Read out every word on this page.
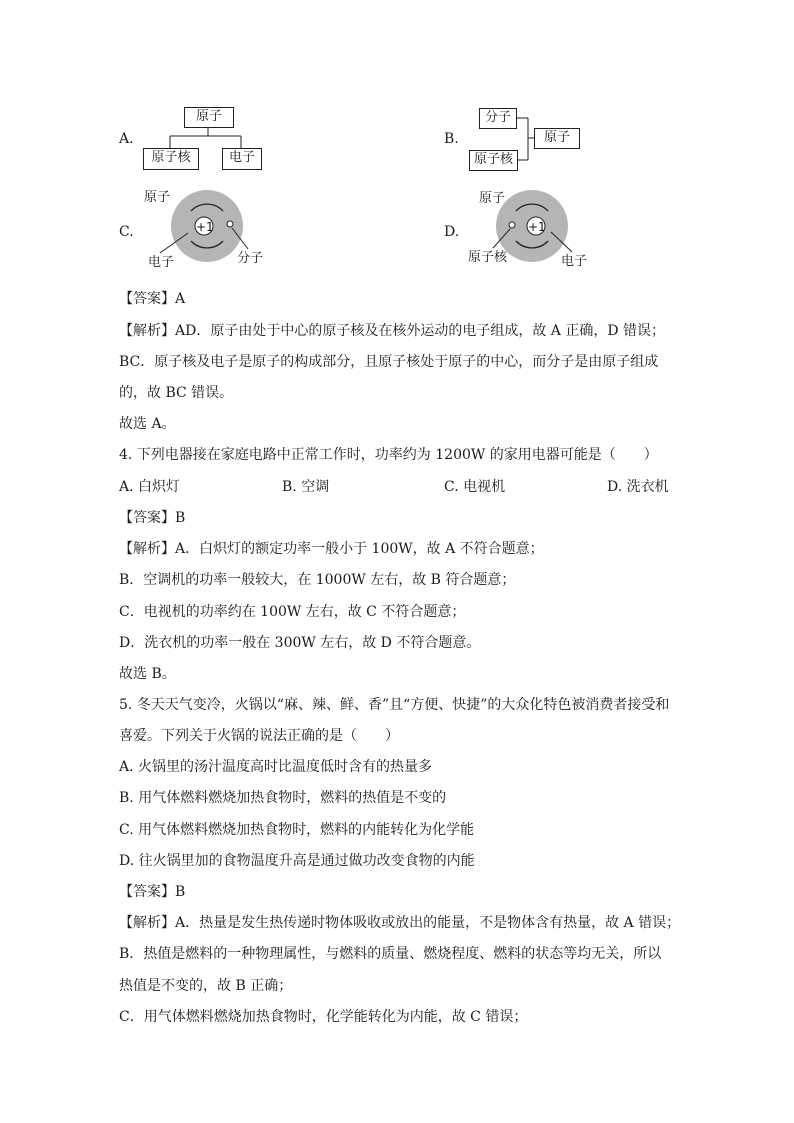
A.
原子
原子核	电子
B.
分子
原子核
原子
C.
原子
+1
电子	分子
D.
原子
+1
原子核	电子
【答案】A
【解析】AD．原子由处于中心的原子核及在核外运动的电子组成，故 A 正确，D 错误；
BC．原子核及电子是原子的构成部分，且原子核处于原子的中心，而分子是由原子组成
的，故 BC 错误。
故选 A。
4. 下列电器接在家庭电路中正常工作时，功率约为 1200W 的家用电器可能是（　　）
A. 白炽灯	B. 空调	C. 电视机	D. 洗衣机
【答案】B
【解析】A．白炽灯的额定功率一般小于 100W，故 A 不符合题意；
B．空调机的功率一般较大，在 1000W 左右，故 B 符合题意；
C．电视机的功率约在 100W 左右，故 C 不符合题意；
D．洗衣机的功率一般在 300W 左右，故 D 不符合题意。
故选 B。
5. 冬天天气变冷，火锅以“麻、辣、鲜、香”且“方便、快捷”的大众化特色被消费者接受和
喜爱。下列关于火锅的说法正确的是（　　）
A. 火锅里的汤汁温度高时比温度低时含有的热量多
B. 用气体燃料燃烧加热食物时，燃料的热值是不变的
C. 用气体燃料燃烧加热食物时，燃料的内能转化为化学能
D. 往火锅里加的食物温度升高是通过做功改变食物的内能
【答案】B
【解析】A．热量是发生热传递时物体吸收或放出的能量，不是物体含有热量，故 A 错误；
B．热值是燃料的一种物理属性，与燃料的质量、燃烧程度、燃料的状态等均无关，所以
热值是不变的，故 B 正确；
C．用气体燃料燃烧加热食物时，化学能转化为内能，故 C 错误；
